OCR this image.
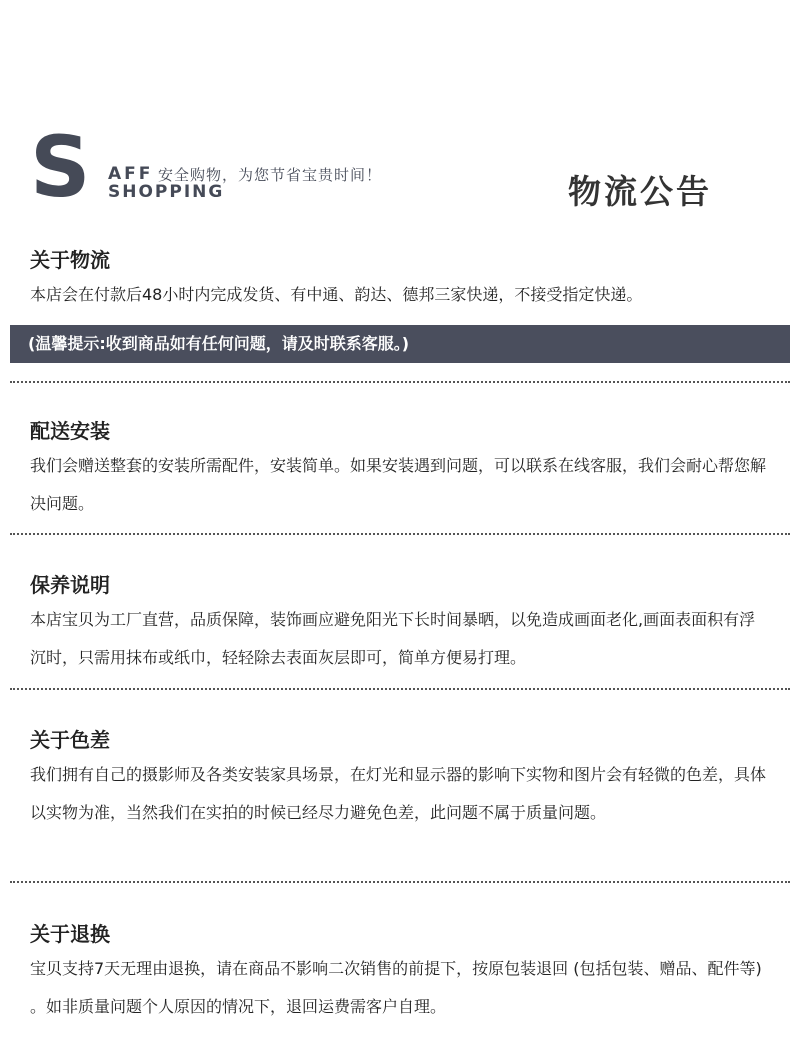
S AFF 安全购物，为您节省宝贵时间！
SHOPPING	物流公告

关于物流

本店会在付款后48小时内完成发货、有中通、韵达、德邦三家快递，不接受指定快递。

(温馨提示:收到商品如有任何问题，请及时联系客服。)

配送安装

我们会赠送整套的安装所需配件，安装简单。如果安装遇到问题，可以联系在线客服，我们会耐心帮您解决问题。

保养说明

本店宝贝为工厂直营，品质保障，装饰画应避免阳光下长时间暴晒，以免造成画面老化,画面表面积有浮沉时，只需用抹布或纸巾，轻轻除去表面灰层即可，简单方便易打理。

关于色差

我们拥有自己的摄影师及各类安装家具场景，在灯光和显示器的影响下实物和图片会有轻微的色差，具体以实物为准，当然我们在实拍的时候已经尽力避免色差，此问题不属于质量问题。

关于退换

宝贝支持7天无理由退换，请在商品不影响二次销售的前提下，按原包装退回 (包括包装、赠品、配件等) 。如非质量问题个人原因的情况下，退回运费需客户自理。
